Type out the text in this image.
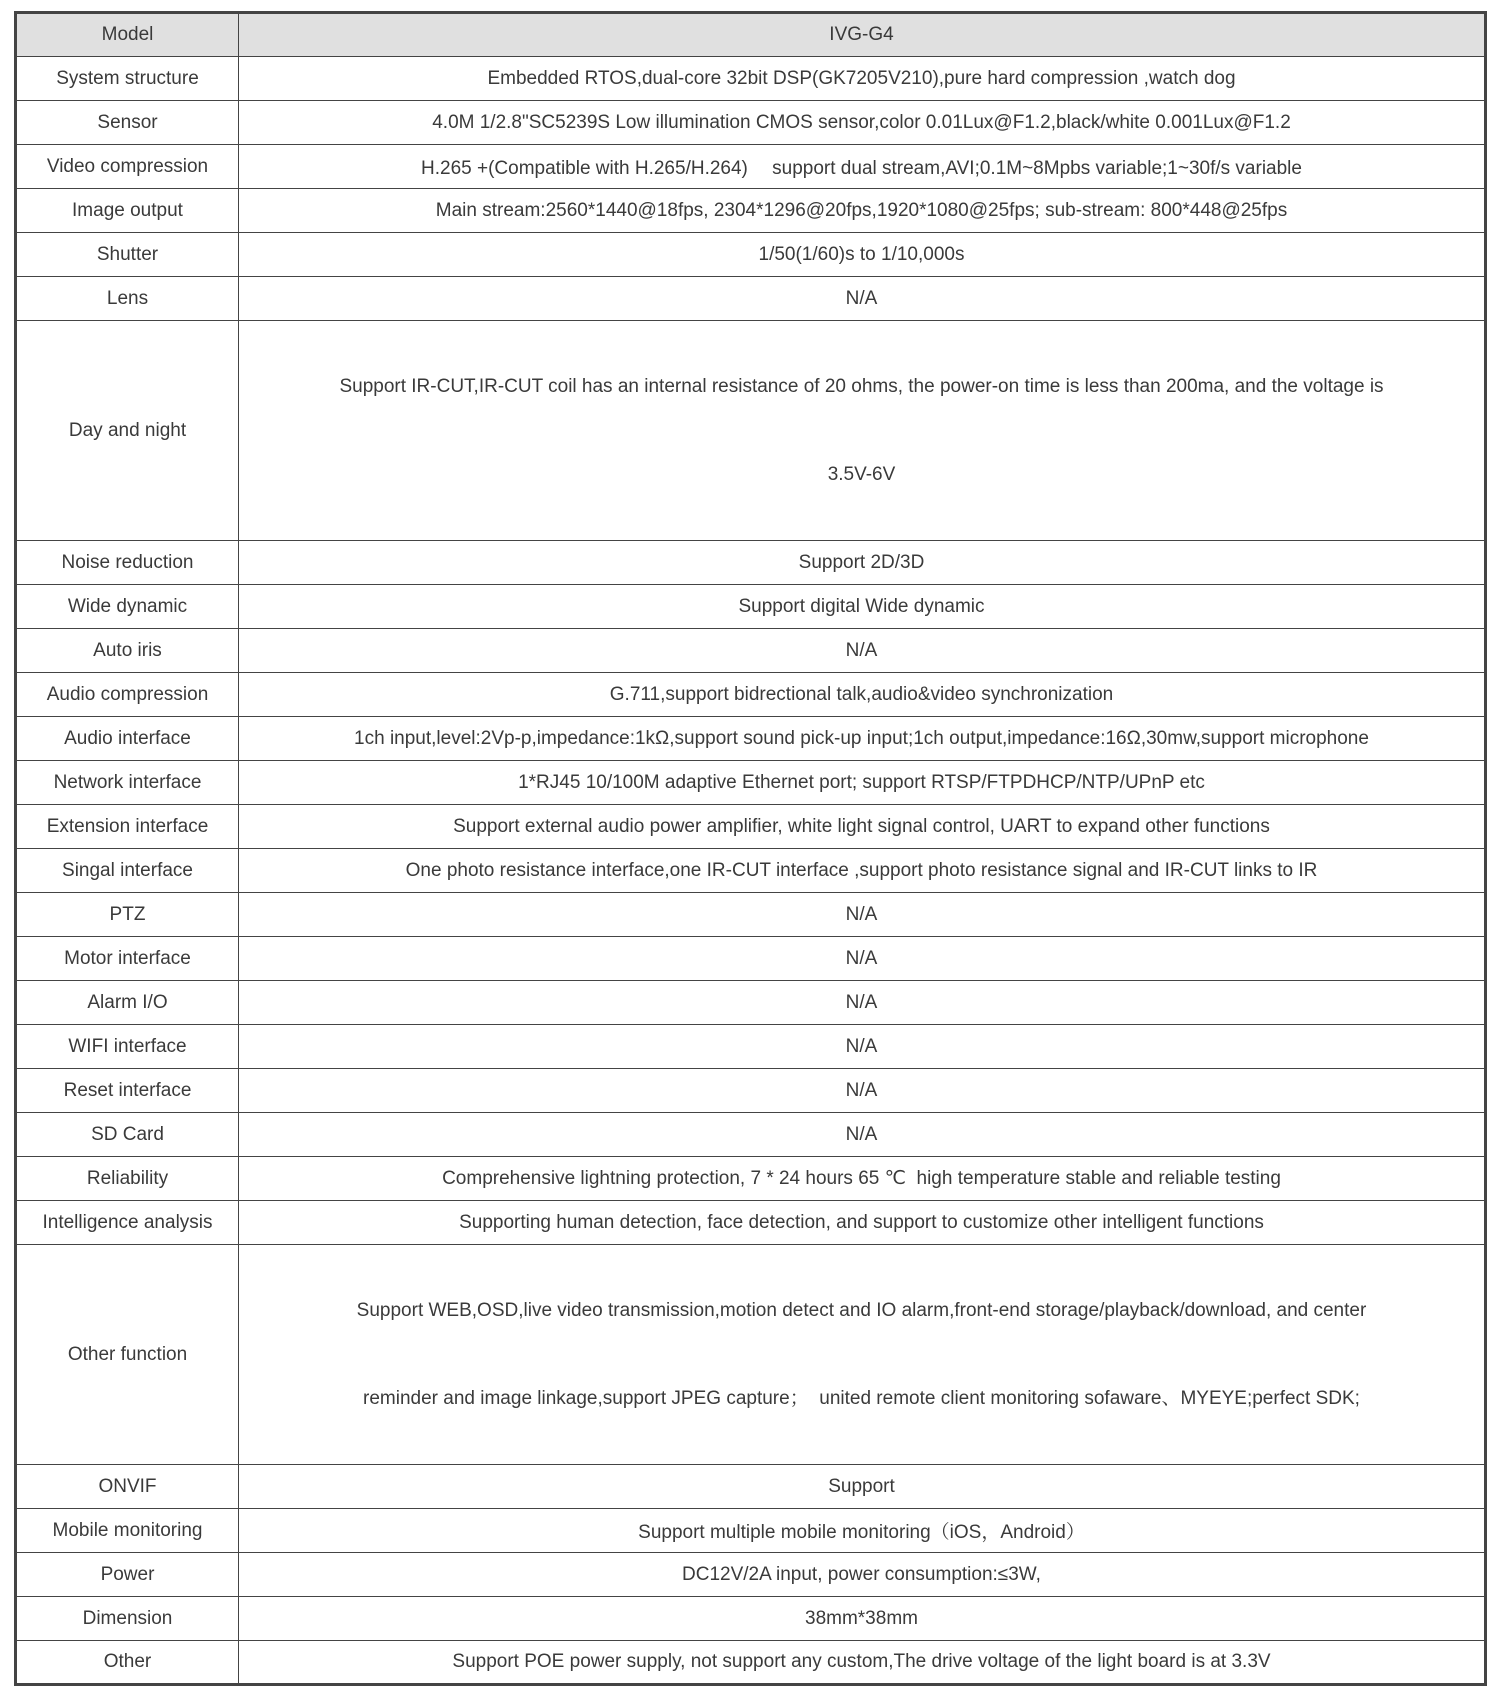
Model	IVG-G4
System structure	Embedded RTOS,dual-core 32bit DSP(GK7205V210),pure hard compression ,watch dog
Sensor	4.0M 1/2.8"SC5239S Low illumination CMOS sensor,color 0.01Lux@F1.2,black/white 0.001Lux@F1.2
Video compression	H.265 +(Compatible with H.265/H.264)　 support dual stream,AVI;0.1M~8Mpbs variable;1~30f/s variable
Image output	Main stream:2560*1440@18fps, 2304*1296@20fps,1920*1080@25fps; sub-stream: 800*448@25fps
Shutter	1/50(1/60)s to 1/10,000s
Lens	N/A
Day and night	Support IR-CUT,IR-CUT coil has an internal resistance of 20 ohms, the power-on time is less than 200ma, and the voltage is

3.5V-6V

Noise reduction	Support 2D/3D
Wide dynamic	Support digital Wide dynamic
Auto iris	N/A
Audio compression	G.711,support bidrectional talk,audio&video synchronization
Audio interface	1ch input,level:2Vp-p,impedance:1kΩ,support sound pick-up input;1ch output,impedance:16Ω,30mw,support microphone
Network interface	1*RJ45 10/100M adaptive Ethernet port; support RTSP/FTPDHCP/NTP/UPnP etc
Extension interface	Support external audio power amplifier, white light signal control, UART to expand other functions
Singal interface	One photo resistance interface,one IR-CUT interface ,support photo resistance signal and IR-CUT links to IR
PTZ	N/A
Motor interface	N/A
Alarm I/O	N/A
WIFI interface	N/A
Reset interface	N/A
SD Card	N/A
Reliability	Comprehensive lightning protection, 7 * 24 hours 65 ℃  high temperature stable and reliable testing
Intelligence analysis	Supporting human detection, face detection, and support to customize other intelligent functions
Other function	Support WEB,OSD,live video transmission,motion detect and IO alarm,front-end storage/playback/download, and center

reminder and image linkage,support JPEG capture；  united remote client monitoring sofaware、MYEYE;perfect SDK;

ONVIF	Support
Mobile monitoring	Support multiple mobile monitoring（iOS，Android）
Power	DC12V/2A input, power consumption:≤3W,
Dimension	38mm*38mm
Other	Support POE power supply, not support any custom,The drive voltage of the light board is at 3.3V
